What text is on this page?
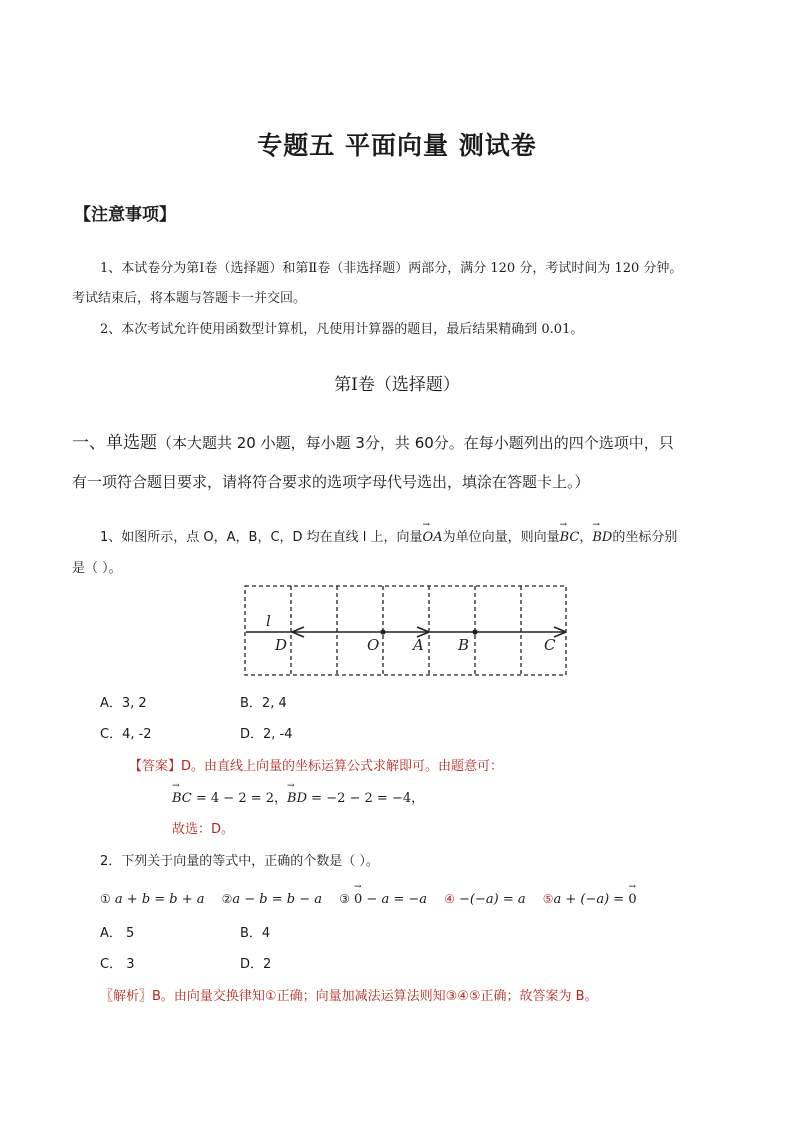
专题五 平面向量 测试卷
【注意事项】
1、本试卷分为第Ⅰ卷（选择题）和第Ⅱ卷（非选择题）两部分，满分 120 分，考试时间为 120 分钟。
考试结束后，将本题与答题卡一并交回。
2、本次考试允许使用函数型计算机，凡使用计算器的题目，最后结果精确到 0.01。
第Ⅰ卷（选择题）
一、单选题（本大题共 20 小题，每小题 3分，共 60分。在每小题列出的四个选项中，只
有一项符合题目要求，请将符合要求的选项字母代号选出，填涂在答题卡上。）
1、如图所示，点 O，A，B，C，D 均在直线 l 上，向量→ OA为单位向量，则向量→ BC，→ BD的坐标分别
是（ ）。
l
D	O A B	C
A．3, 2	B．2, 4
C．4, -2	D．2, -4
【答案】D。由直线上向量的坐标运算公式求解即可。由题意可：
→ BC = 4 − 2 = 2，→ BD = −2 − 2 = −4，
故选：D。
2．下列关于向量的等式中，正确的个数是（ ）。
① a + b = b + a ②a − b = b − a ③ → 0 − a = −a ④ −(−a) = a ⑤a + (−a) = → 0
A． 5	B．4
C． 3	D．2
〖解析〗B。由向量交换律知①正确；向量加减法运算法则知③④⑤正确；故答案为 B。
